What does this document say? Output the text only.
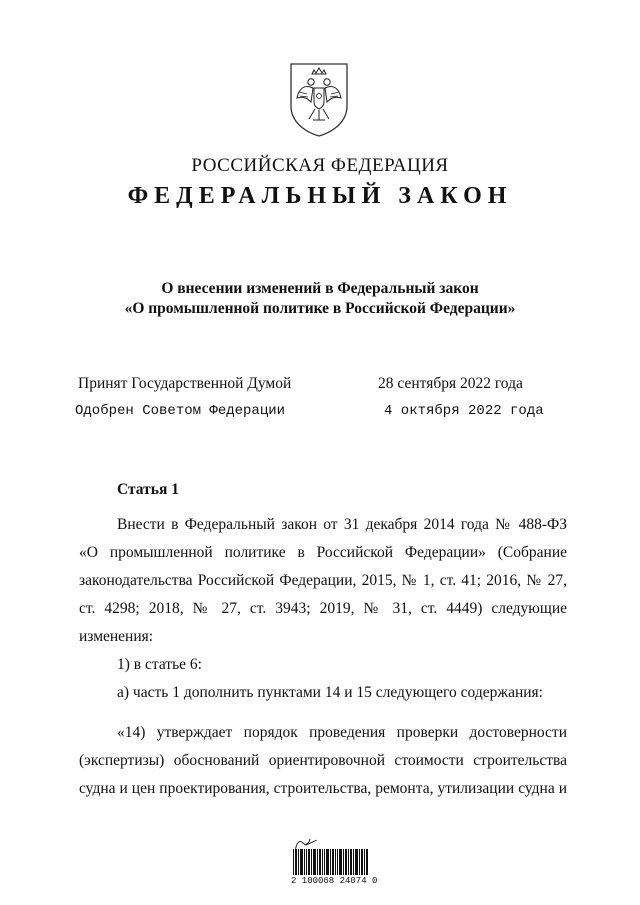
РОССИЙСКАЯ ФЕДЕРАЦИЯ
ФЕДЕРАЛЬНЫЙ ЗАКОН
О внесении изменений в Федеральный закон
«О промышленной политике в Российской Федерации»
Принят Государственной Думой	28 сентября 2022 года
Одобрен Советом Федерации	4 октября 2022 года
Статья 1

Внести в Федеральный закон от 31 декабря 2014 года № 488-ФЗ

«О промышленной политике в Российской Федерации» (Собрание

законодательства Российской Федерации, 2015, № 1, ст. 41; 2016, № 27,

ст. 4298; 2018, № 27, ст. 3943; 2019, № 31, ст. 4449) следующие изменения:

1) в статье 6:

а) часть 1 дополнить пунктами 14 и 15 следующего содержания:

«14) утверждает порядок проведения проверки достоверности

(экспертизы) обоснований ориентировочной стоимости строительства

судна и цен проектирования, строительства, ремонта, утилизации судна и

2 100068 24074 0
